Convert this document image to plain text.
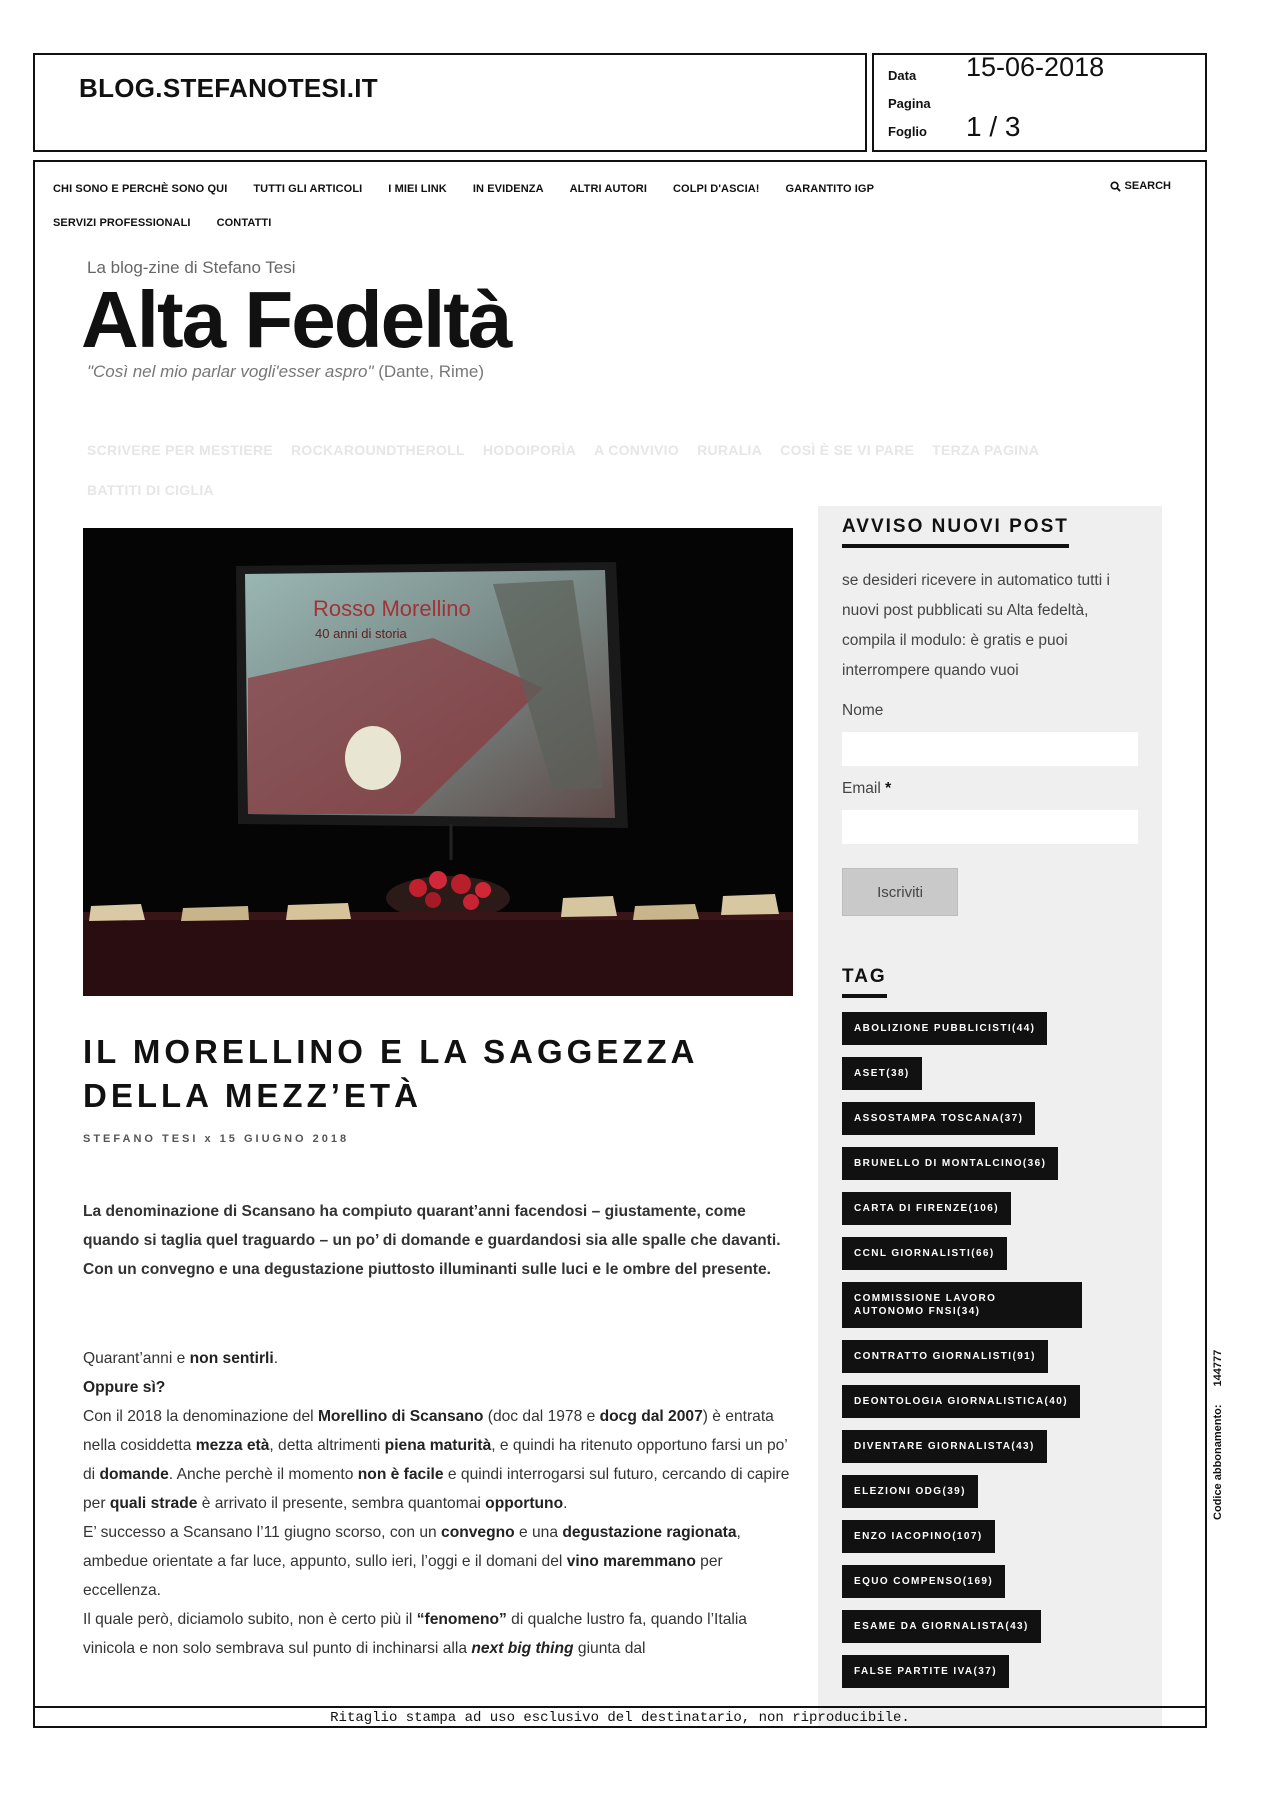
BLOG.STEFANOTESI.IT	Data 15-06-2018
Pagina
Foglio 1 / 3
CHI SONO E PERCHÈ SONO QUI TUTTI GLI ARTICOLI I MIEI LINK IN EVIDENZA ALTRI AUTORI COLPI D'ASCIA! GARANTITO IGP
SERVIZI PROFESSIONALI CONTATTI
SEARCH
La blog-zine di Stefano Tesi
Alta Fedeltà
"Così nel mio parlar vogli'esser aspro" (Dante, Rime)
SCRIVERE PER MESTIERE ROCKAROUNDTHEROLL HODOIPORÌA A CONVIVIO RURALIA COSÌ È SE VI PARE TERZA PAGINA
BATTITI DI CIGLIA
Rosso Morellino
40 anni di storia
IL MORELLINO E LA SAGGEZZA DELLA MEZZ’ETÀ
STEFANO TESI x 15 GIUGNO 2018

La denominazione di Scansano ha compiuto quarant’anni facendosi – giustamente, come quando si taglia quel traguardo – un po’ di domande e guardandosi sia alle spalle che davanti. Con un convegno e una degustazione piuttosto illuminanti sulle luci e le ombre del presente.

Quarant’anni e non sentirli.

Oppure sì?

Con il 2018 la denominazione del Morellino di Scansano (doc dal 1978 e docg dal 2007) è entrata nella cosiddetta mezza età, detta altrimenti piena maturità, e quindi ha ritenuto opportuno farsi un po’ di domande. Anche perchè il momento non è facile e quindi interrogarsi sul futuro, cercando di capire per quali strade è arrivato il presente, sembra quantomai opportuno.

E’ successo a Scansano l’11 giugno scorso, con un convegno e una degustazione ragionata, ambedue orientate a far luce, appunto, sullo ieri, l’oggi e il domani del vino maremmano per eccellenza.

Il quale però, diciamolo subito, non è certo più il “fenomeno” di qualche lustro fa, quando l’Italia vinicola e non solo sembrava sul punto di inchinarsi alla next big thing giunta dal

AVVISO NUOVI POST

se desideri ricevere in automatico tutti i nuovi post pubblicati su Alta fedeltà, compila il modulo: è gratis e puoi interrompere quando vuoi

Nome
Email *
Iscriviti
TAG
ABOLIZIONE PUBBLICISTI(44)
ASET(38)
ASSOSTAMPA TOSCANA(37)
BRUNELLO DI MONTALCINO(36)
CARTA DI FIRENZE(106)
CCNL GIORNALISTI(66)
COMMISSIONE LAVORO AUTONOMO FNSI(34)
CONTRATTO GIORNALISTI(91)
DEONTOLOGIA GIORNALISTICA(40)
DIVENTARE GIORNALISTA(43)
ELEZIONI ODG(39)
ENZO IACOPINO(107)
EQUO COMPENSO(169)
ESAME DA GIORNALISTA(43)
FALSE PARTITE IVA(37)
Ritaglio stampa ad uso esclusivo del destinatario, non riproducibile.
Codice abbonamento:144777
